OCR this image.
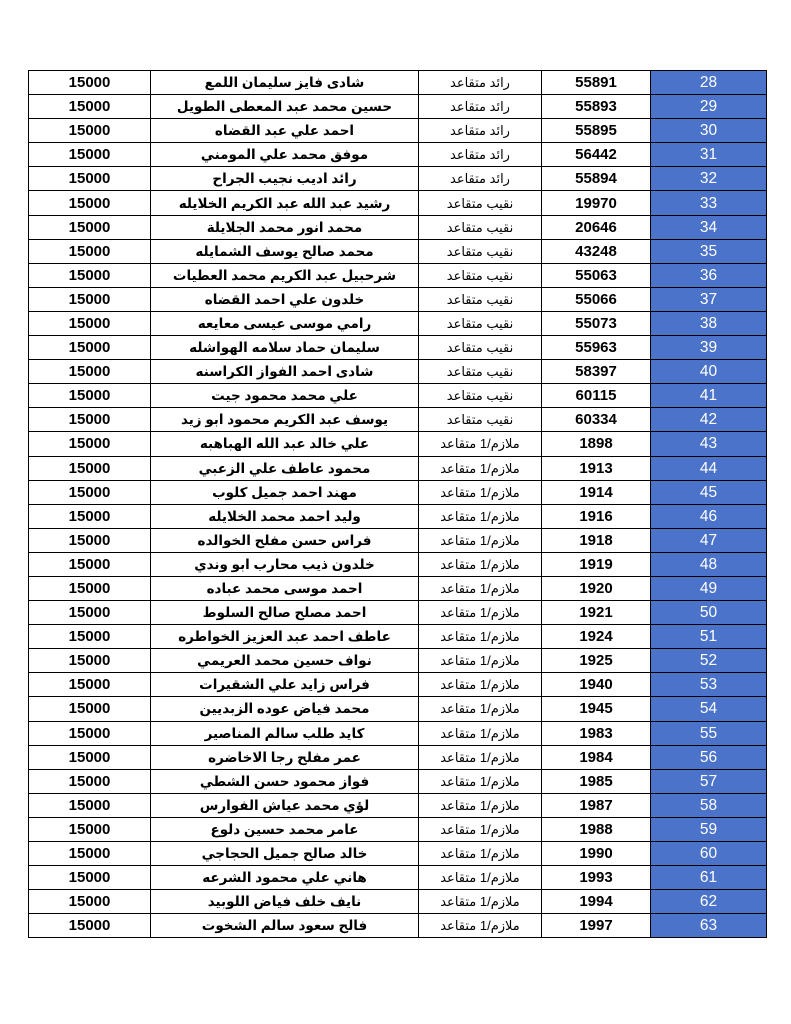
15000	شادى فايز سليمان اللمع	رائد متقاعد	55891	28
15000	حسين محمد عبد المعطى الطويل	رائد متقاعد	55893	29
15000	احمد علي عبد القضاه	رائد متقاعد	55895	30
15000	موفق محمد علي المومني	رائد متقاعد	56442	31
15000	رائد اديب نجيب الجراح	رائد متقاعد	55894	32
15000	رشيد عبد الله عبد الكريم الخلايله	نقيب متقاعد	19970	33
15000	محمد انور محمد الجلايلة	نقيب متقاعد	20646	34
15000	محمد صالح يوسف الشمايله	نقيب متقاعد	43248	35
15000	شرحبيل عبد الكريم محمد العطيات	نقيب متقاعد	55063	36
15000	خلدون علي احمد القضاه	نقيب متقاعد	55066	37
15000	رامي موسى عيسى معايعه	نقيب متقاعد	55073	38
15000	سليمان حماد سلامه الهواشله	نقيب متقاعد	55963	39
15000	شادى احمد الفواز الكراسنه	نقيب متقاعد	58397	40
15000	علي محمد محمود جيت	نقيب متقاعد	60115	41
15000	يوسف عبد الكريم محمود ابو زيد	نقيب متقاعد	60334	42
15000	علي خالد عبد الله الهباهبه	ملازم/1 متقاعد	1898	43
15000	محمود عاطف علي الزعبي	ملازم/1 متقاعد	1913	44
15000	مهند احمد جميل كلوب	ملازم/1 متقاعد	1914	45
15000	وليد احمد محمد الخلايله	ملازم/1 متقاعد	1916	46
15000	فراس حسن مفلح الخوالده	ملازم/1 متقاعد	1918	47
15000	خلدون ذيب محارب ابو وندي	ملازم/1 متقاعد	1919	48
15000	احمد موسى محمد عباده	ملازم/1 متقاعد	1920	49
15000	احمد مصلح صالح السلوط	ملازم/1 متقاعد	1921	50
15000	عاطف احمد عبد العزيز الخواطره	ملازم/1 متقاعد	1924	51
15000	نواف حسين محمد العريمي	ملازم/1 متقاعد	1925	52
15000	فراس زايد علي الشقيرات	ملازم/1 متقاعد	1940	53
15000	محمد فياض عوده الزبديين	ملازم/1 متقاعد	1945	54
15000	كايد طلب سالم المناصير	ملازم/1 متقاعد	1983	55
15000	عمر مفلح رجا الاخاضره	ملازم/1 متقاعد	1984	56
15000	فواز محمود حسن الشطي	ملازم/1 متقاعد	1985	57
15000	لؤي محمد عياش الفوارس	ملازم/1 متقاعد	1987	58
15000	عامر محمد حسين دلوع	ملازم/1 متقاعد	1988	59
15000	خالد صالح جميل الحجاجي	ملازم/1 متقاعد	1990	60
15000	هاني علي محمود الشرعه	ملازم/1 متقاعد	1993	61
15000	نايف خلف فياض اللوبيد	ملازم/1 متقاعد	1994	62
15000	فالح سعود سالم الشخوت	ملازم/1 متقاعد	1997	63
